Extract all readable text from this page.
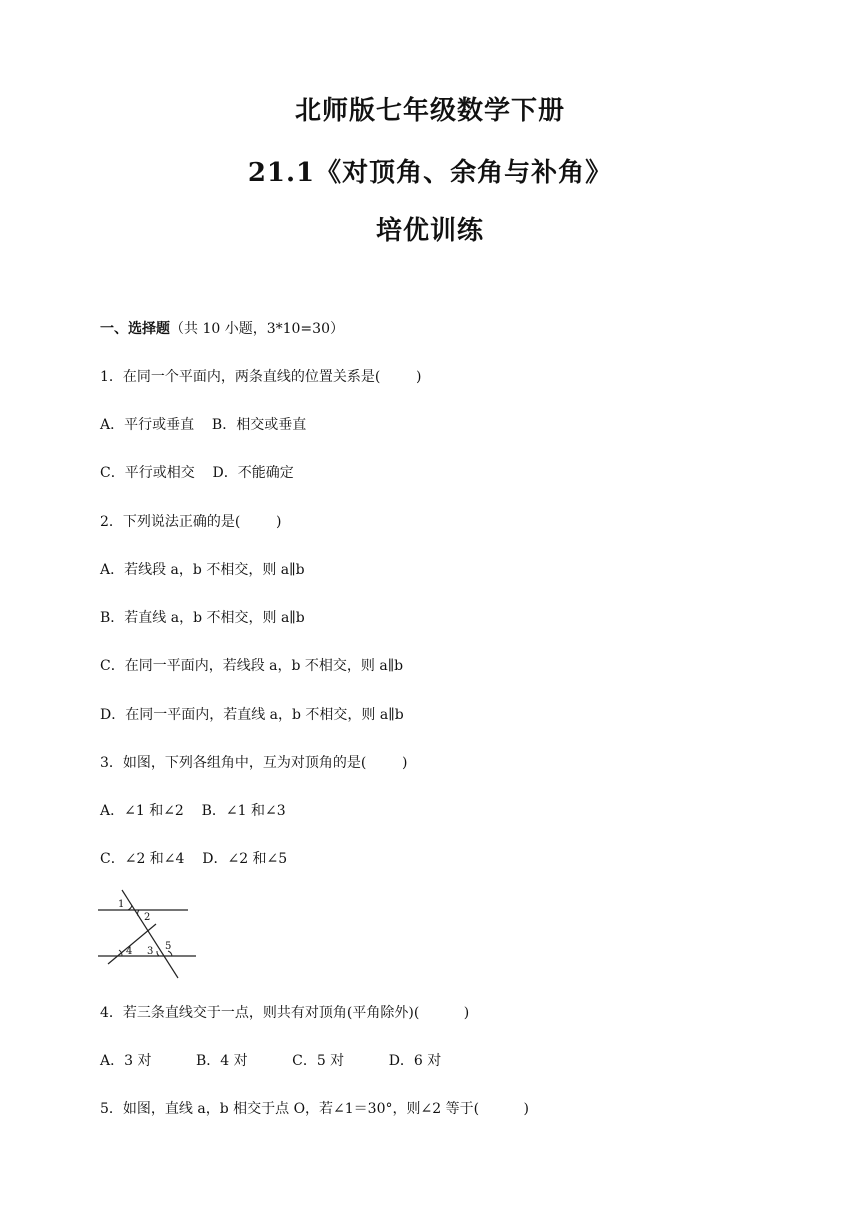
北师版七年级数学下册
21.1《对顶角、余角与补角》
培优训练
一、选择题（共 10 小题，3*10=30）
1．在同一个平面内，两条直线的位置关系是(        )
A．平行或垂直    B．相交或垂直
C．平行或相交    D．不能确定
2．下列说法正确的是(        )
A．若线段 a，b 不相交，则 a∥b
B．若直线 a，b 不相交，则 a∥b
C．在同一平面内，若线段 a，b 不相交，则 a∥b
D．在同一平面内，若直线 a，b 不相交，则 a∥b
3．如图，下列各组角中，互为对顶角的是(        )
A．∠1 和∠2    B．∠1 和∠3
C．∠2 和∠4    D．∠2 和∠5
1
2
4 3 5
4．若三条直线交于一点，则共有对顶角(平角除外)(          )
A．3 对          B．4 对          C．5 对          D．6 对
5．如图，直线 a，b 相交于点 O，若∠1＝30°，则∠2 等于(          )
